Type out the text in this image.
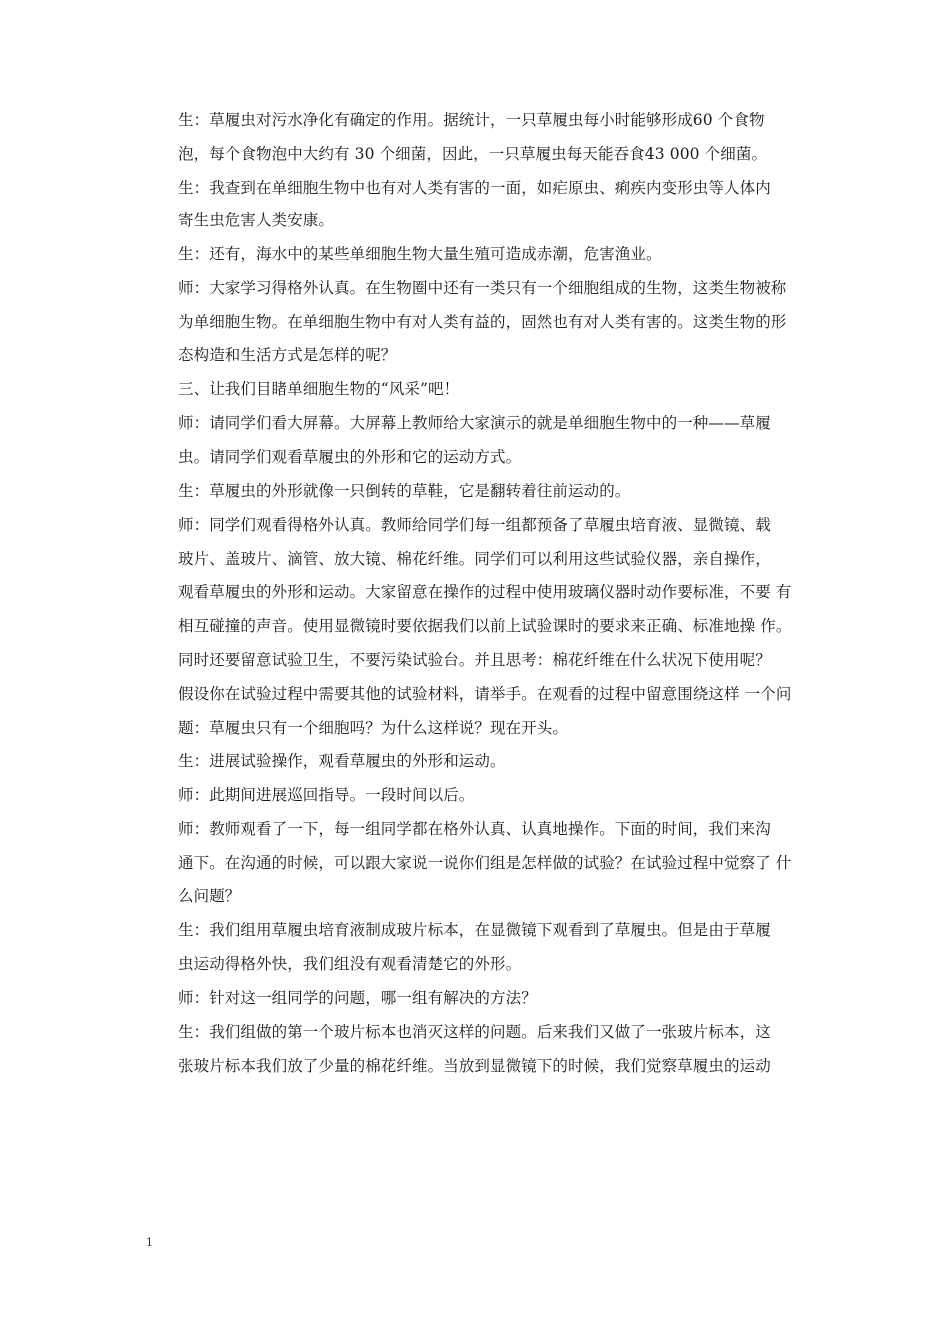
生：草履虫对污水净化有确定的作用。据统计，一只草履虫每小时能够形成60 个食物
泡，每个食物泡中大约有 30 个细菌，因此，一只草履虫每天能吞食43 000 个细菌。
生：我查到在单细胞生物中也有对人类有害的一面，如疟原虫、痢疾内变形虫等人体内
寄生虫危害人类安康。
生：还有，海水中的某些单细胞生物大量生殖可造成赤潮，危害渔业。
师：大家学习得格外认真。在生物圈中还有一类只有一个细胞组成的生物，这类生物被称
为单细胞生物。在单细胞生物中有对人类有益的，固然也有对人类有害的。这类生物的形
态构造和生活方式是怎样的呢？
三、让我们目睹单细胞生物的“风采”吧！
师：请同学们看大屏幕。大屏幕上教师给大家演示的就是单细胞生物中的一种——草履
虫。请同学们观看草履虫的外形和它的运动方式。
生：草履虫的外形就像一只倒转的草鞋，它是翻转着往前运动的。
师：同学们观看得格外认真。教师给同学们每一组都预备了草履虫培育液、显微镜、载
玻片、盖玻片、滴管、放大镜、棉花纤维。同学们可以利用这些试验仪器，亲自操作，
观看草履虫的外形和运动。大家留意在操作的过程中使用玻璃仪器时动作要标准，不要 有
相互碰撞的声音。使用显微镜时要依据我们以前上试验课时的要求来正确、标准地操 作。
同时还要留意试验卫生，不要污染试验台。并且思考：棉花纤维在什么状况下使用呢？
假设你在试验过程中需要其他的试验材料，请举手。在观看的过程中留意围绕这样 一个问
题：草履虫只有一个细胞吗？为什么这样说？现在开头。
生：进展试验操作，观看草履虫的外形和运动。
师：此期间进展巡回指导。一段时间以后。
师：教师观看了一下，每一组同学都在格外认真、认真地操作。下面的时间，我们来沟
通下。在沟通的时候，可以跟大家说一说你们组是怎样做的试验？在试验过程中觉察了 什
么问题？
生：我们组用草履虫培育液制成玻片标本，在显微镜下观看到了草履虫。但是由于草履
虫运动得格外快，我们组没有观看清楚它的外形。
师：针对这一组同学的问题，哪一组有解决的方法？
生：我们组做的第一个玻片标本也消灭这样的问题。后来我们又做了一张玻片标本，这
张玻片标本我们放了少量的棉花纤维。当放到显微镜下的时候，我们觉察草履虫的运动
1
